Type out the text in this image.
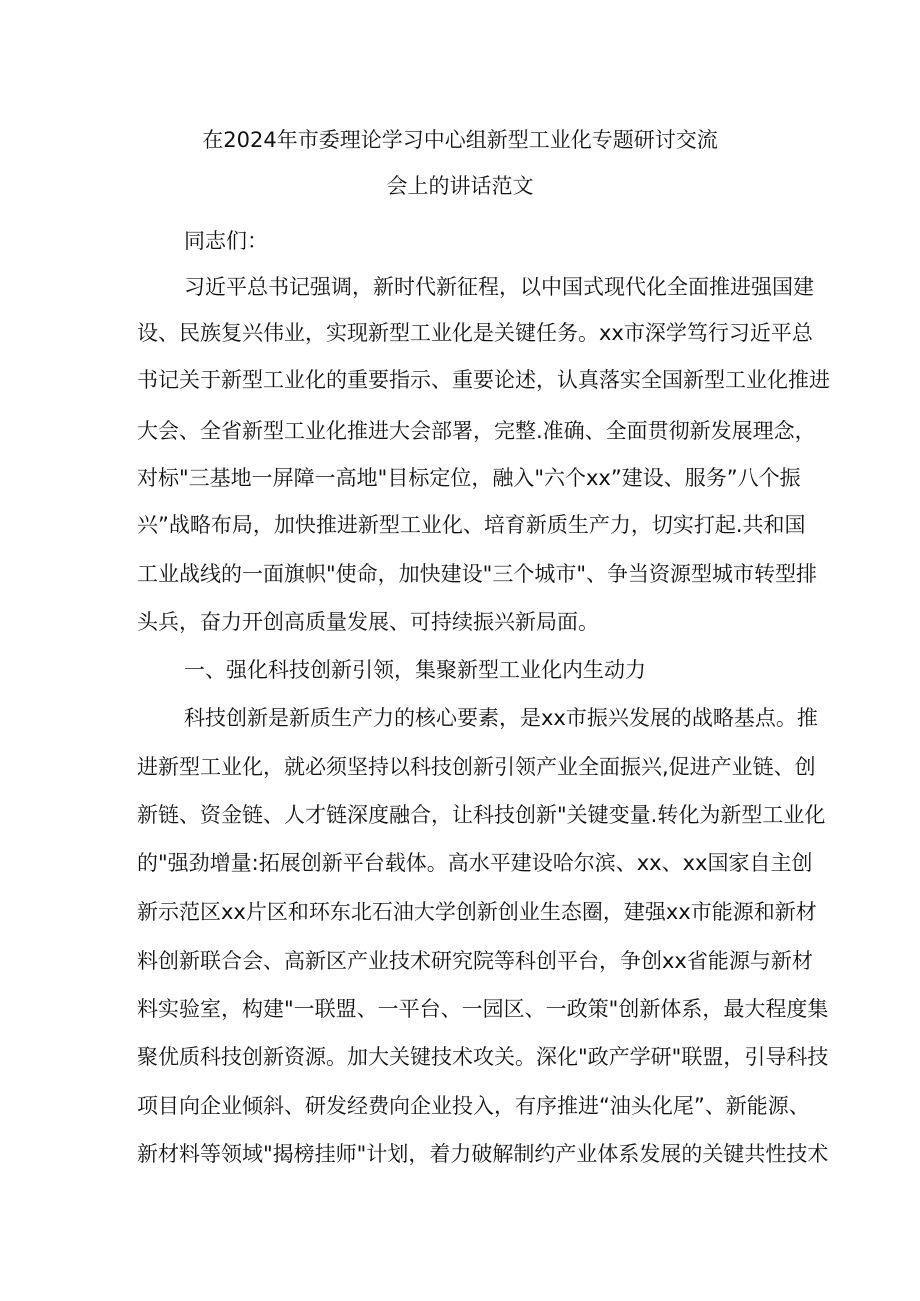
在2024年市委理论学习中心组新型工业化专题研讨交流
会上的讲话范文
同志们：
习近平总书记强调，新时代新征程，以中国式现代化全面推进强国建
设、民族复兴伟业，实现新型工业化是关键任务。xx市深学笃行习近平总
书记关于新型工业化的重要指示、重要论述，认真落实全国新型工业化推进
大会、全省新型工业化推进大会部署，完整.准确、全面贯彻新发展理念，
对标"三基地一屏障一高地"目标定位，融入"六个xx”建设、服务”八个振
兴”战略布局，加快推进新型工业化、培育新质生产力，切实打起.共和国
工业战线的一面旗帜"使命，加快建设"三个城市"、争当资源型城市转型排
头兵，奋力开创高质量发展、可持续振兴新局面。
一、强化科技创新引领，集聚新型工业化内生动力
科技创新是新质生产力的核心要素，是xx市振兴发展的战略基点。推
进新型工业化，就必须坚持以科技创新引领产业全面振兴,促进产业链、创
新链、资金链、人才链深度融合，让科技创新"关键变量.转化为新型工业化
的"强劲增量:拓展创新平台载体。高水平建设哈尔滨、xx、xx国家自主创
新示范区xx片区和环东北石油大学创新创业生态圈，建强xx市能源和新材
料创新联合会、高新区产业技术研究院等科创平台，争创xx省能源与新材
料实验室，构建"一联盟、一平台、一园区、一政策"创新体系，最大程度集
聚优质科技创新资源。加大关键技术攻关。深化"政产学研"联盟，引导科技
项目向企业倾斜、研发经费向企业投入，有序推进“油头化尾”、新能源、
新材料等领域"揭榜挂师"计划，着力破解制约产业体系发展的关键共性技术
